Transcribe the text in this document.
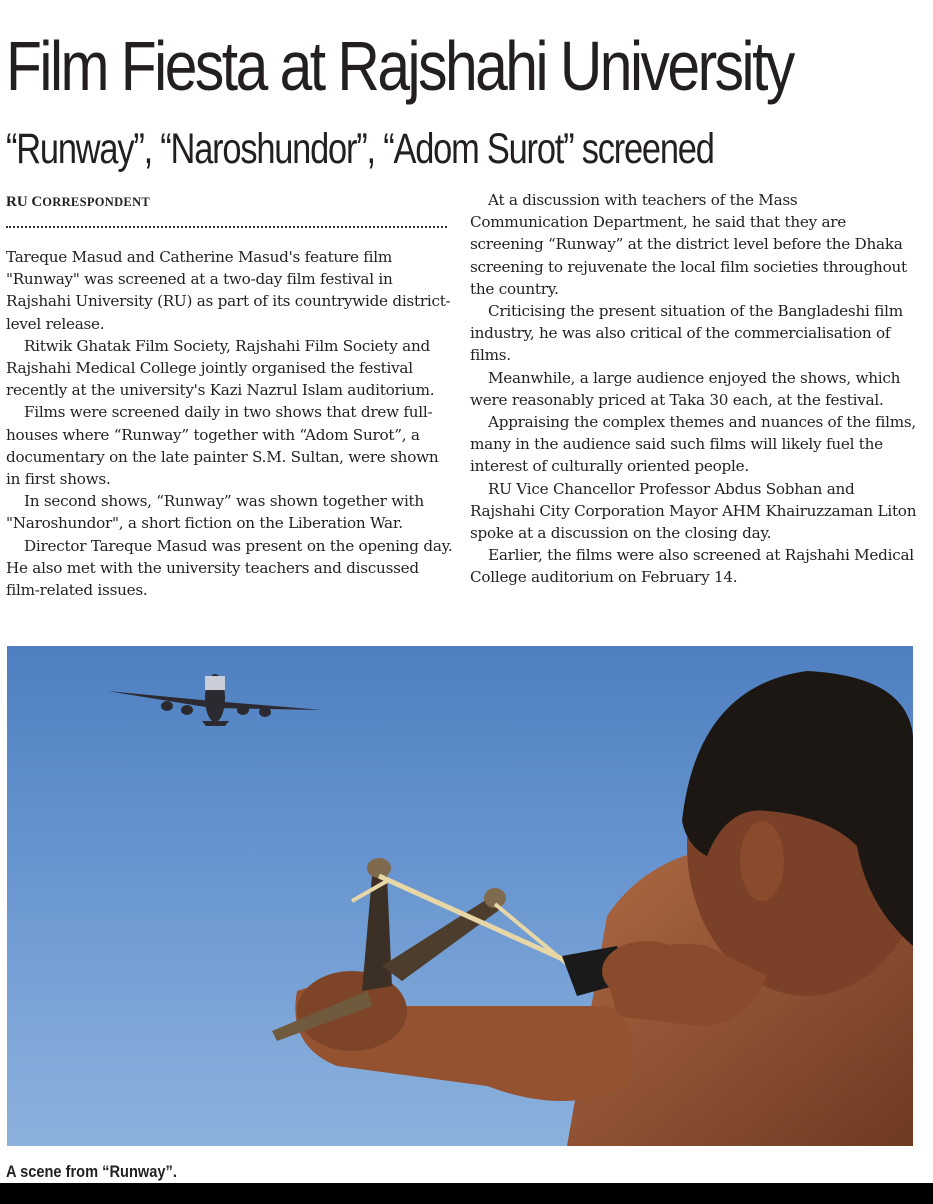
Film Fiesta at Rajshahi University
“Runway”, “Naroshundor”, “Adom Surot” screened
RU CORRESPONDENT

Tareque Masud and Catherine Masud's feature film "Runway" was screened at a two-day film festival in Rajshahi University (RU) as part of its countrywide district-level release.

Ritwik Ghatak Film Society, Rajshahi Film Society and Rajshahi Medical College jointly organised the festival recently at the university's Kazi Nazrul Islam auditorium.

Films were screened daily in two shows that drew full-houses where “Runway” together with “Adom Surot”, a documentary on the late painter S.M. Sultan, were shown in first shows.

In second shows, “Runway” was shown together with "Naroshundor", a short fiction on the Liberation War.

Director Tareque Masud was present on the opening day. He also met with the university teachers and discussed film-related issues.

At a discussion with teachers of the Mass Communication Department, he said that they are screening “Runway” at the district level before the Dhaka screening to rejuvenate the local film societies throughout the country.

Criticising the present situation of the Bangladeshi film industry, he was also critical of the commercialisation of films.

Meanwhile, a large audience enjoyed the shows, which were reasonably priced at Taka 30 each, at the festival.

Appraising the complex themes and nuances of the films, many in the audience said such films will likely fuel the interest of culturally oriented people.

RU Vice Chancellor Professor Abdus Sobhan and Rajshahi City Corporation Mayor AHM Khairuzzaman Liton spoke at a discussion on the closing day.

Earlier, the films were also screened at Rajshahi Medical College auditorium on February 14.

A scene from “Runway”.
